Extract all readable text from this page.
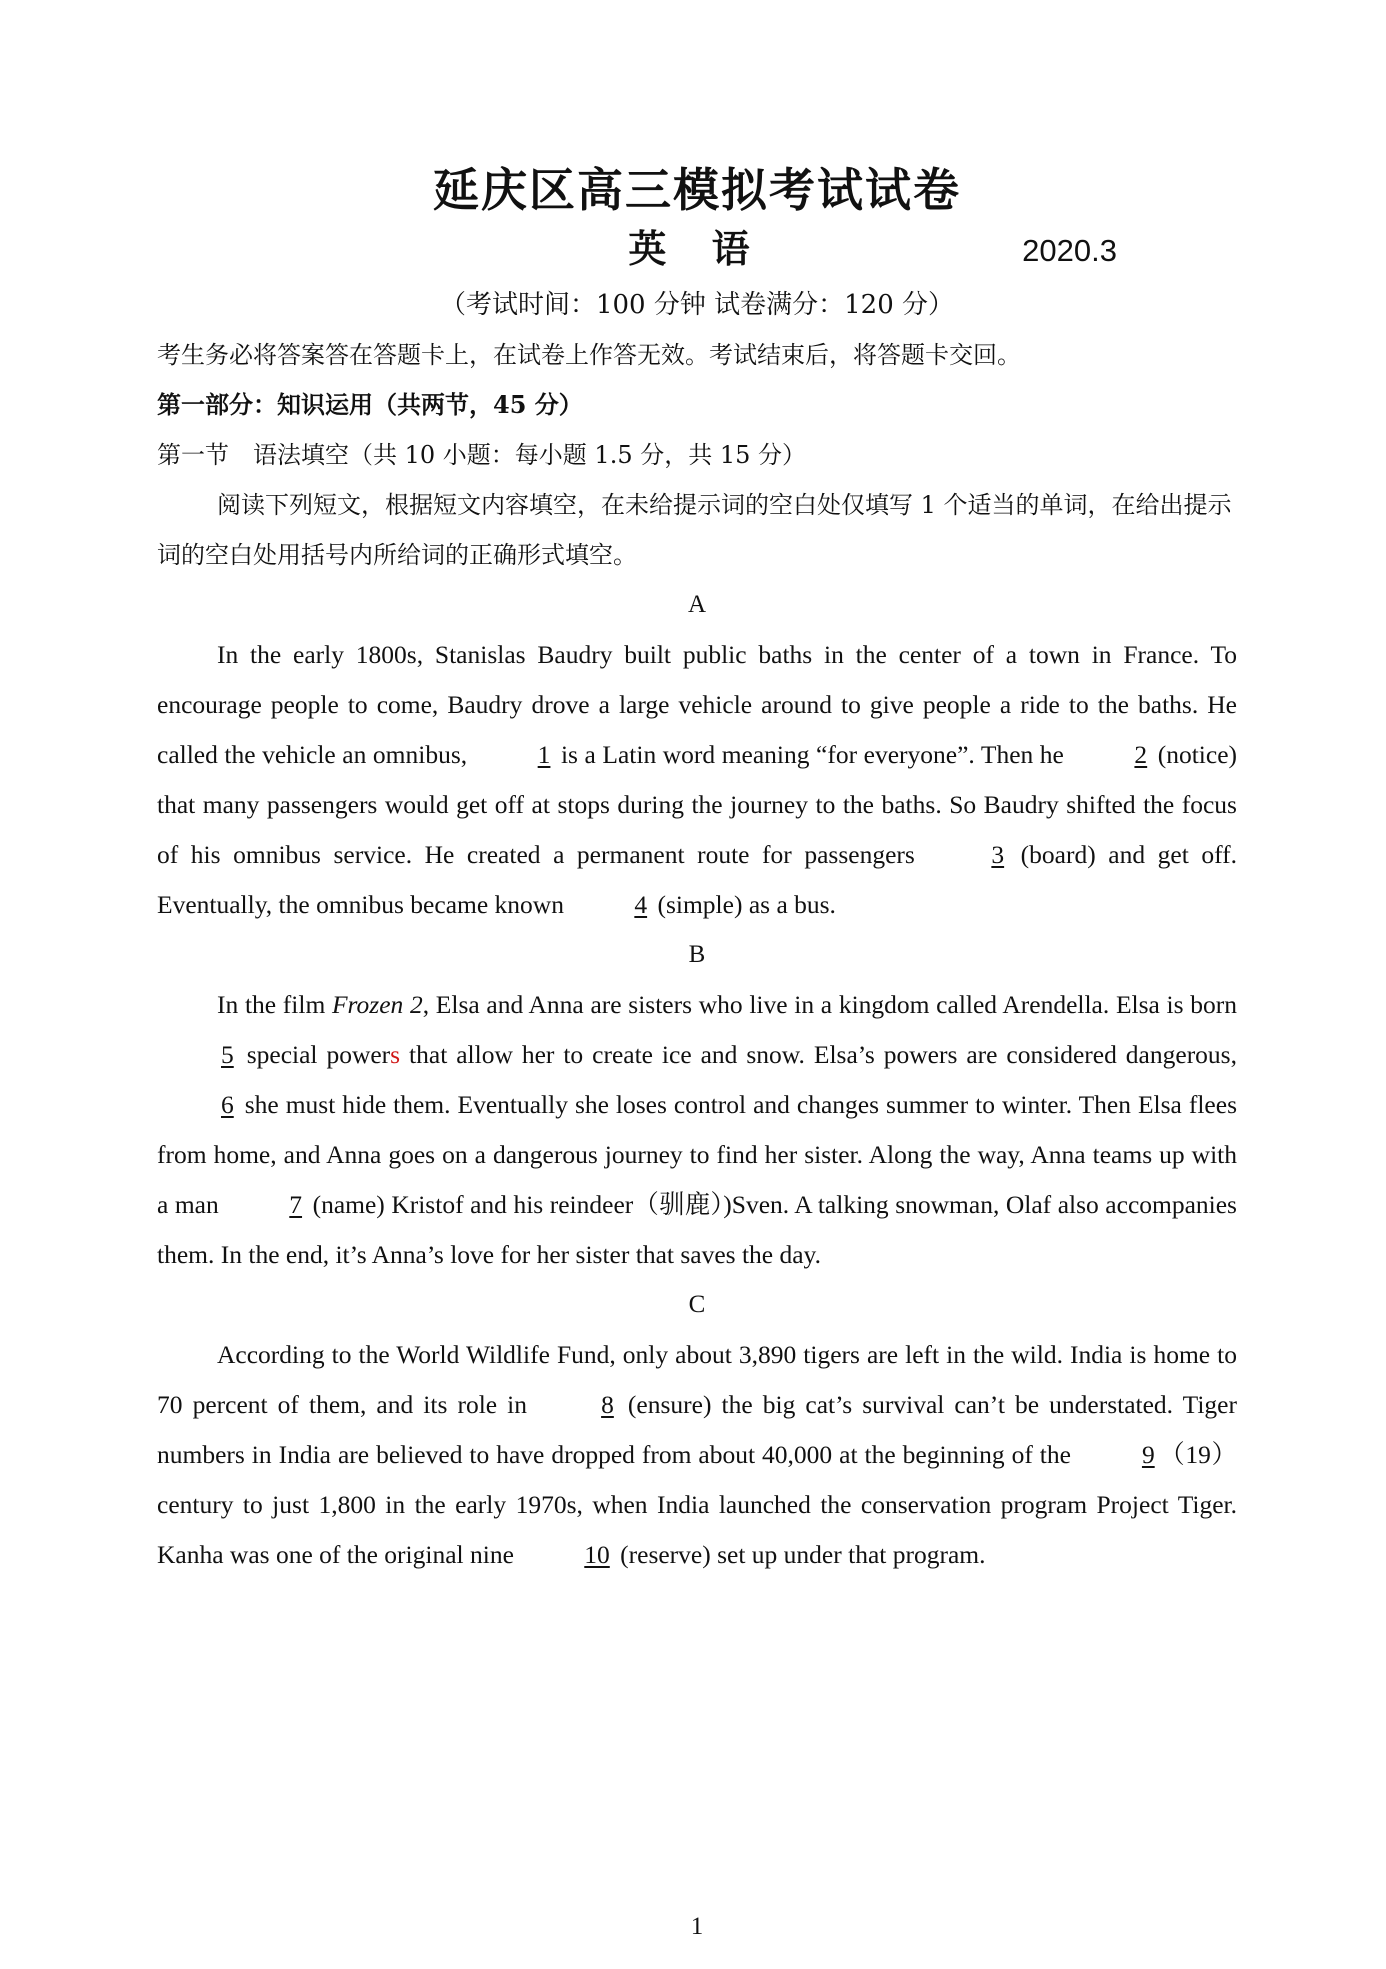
延庆区高三模拟考试试卷
英 语	2020.3
（考试时间：100 分钟 试卷满分：120 分）

考生务必将答案答在答题卡上，在试卷上作答无效。考试结束后，将答题卡交回。

第一部分：知识运用（共两节，45 分）

第一节　语法填空（共 10 小题：每小题 1.5 分，共 15 分）

阅读下列短文，根据短文内容填空，在未给提示词的空白处仅填写 1 个适当的单词，在给出提示词的空白处用括号内所给词的正确形式填空。

A

In the early 1800s, Stanislas Baudry built public baths in the center of a town in France. To encourage people to come, Baudry drove a large vehicle around to give people a ride to the baths. He called the vehicle an omnibus,	1 is a Latin word meaning “for everyone”. Then he	2 (notice) that many passengers would get off at stops during the journey to the baths. So Baudry shifted the focus of his omnibus service. He created a permanent route for passengers	3 (board) and get off. Eventually, the omnibus became known	4 (simple) as a bus.

B

In the film Frozen 2, Elsa and Anna are sisters who live in a kingdom called Arendella. Elsa is born 5 special powers that allow her to create ice and snow. Elsa’s powers are considered dangerous, 6 she must hide them. Eventually she loses control and changes summer to winter. Then Elsa flees from home, and Anna goes on a dangerous journey to find her sister. Along the way, Anna teams up with a man	7 (name) Kristof and his reindeer（驯鹿）)Sven. A talking snowman, Olaf also accompanies them. In the end, it’s Anna’s love for her sister that saves the day.

C

According to the World Wildlife Fund, only about 3,890 tigers are left in the wild. India is home to 70 percent of them, and its role in	8 (ensure) the big cat’s survival can’t be understated. Tiger numbers in India are believed to have dropped from about 40,000 at the beginning of the	9 （19）century to just 1,800 in the early 1970s, when India launched the conservation program Project Tiger. Kanha was one of the original nine	10 (reserve) set up under that program.

1
